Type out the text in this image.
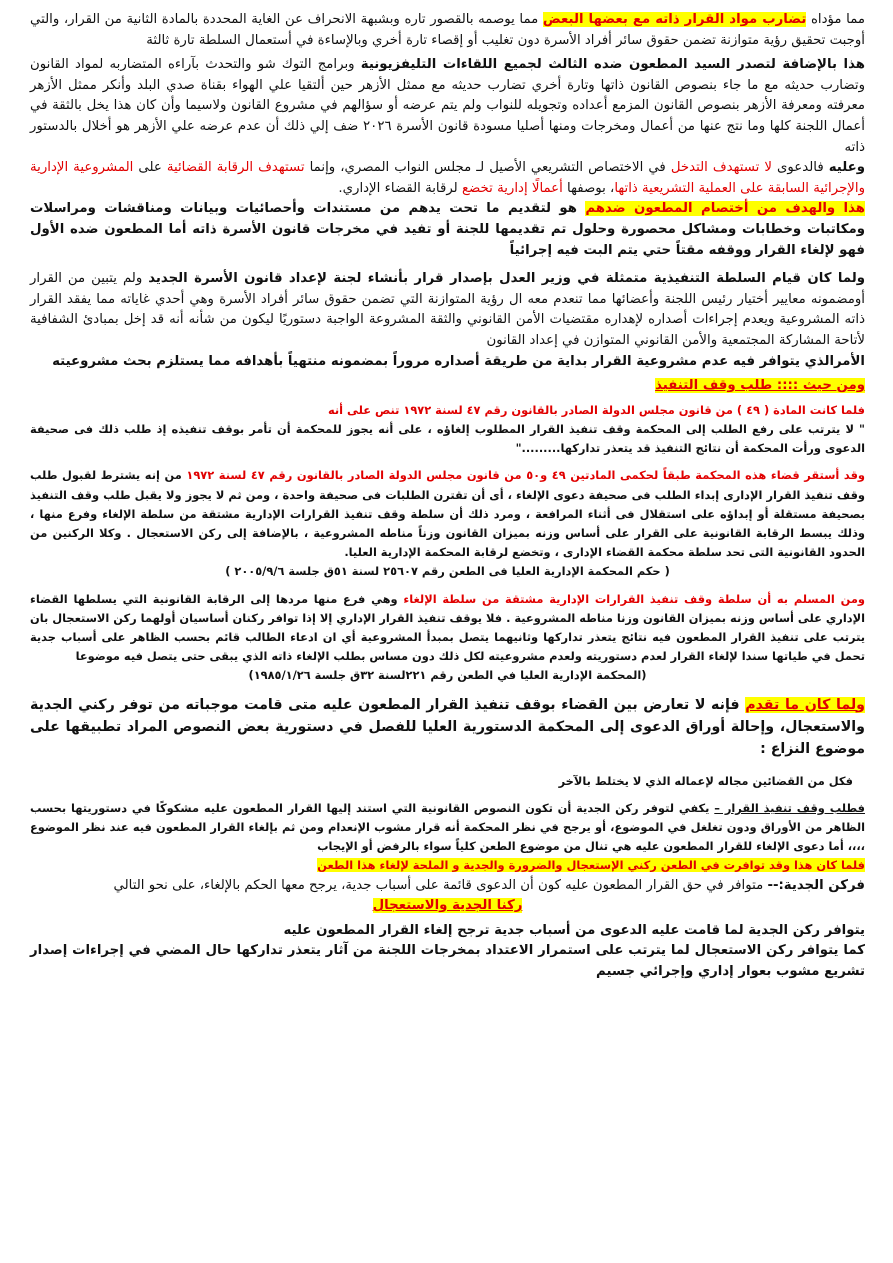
مما مؤداه تضارب مواد القرار ذاته مع بعضها البعض مما يوصمه بالقصور تاره وبشبهة الانحراف عن الغاية المحددة بالمادة الثانية من القرار، والتي أوجبت تحقيق رؤية متوازنة تضمن حقوق سائر أفراد الأسرة دون تغليب أو إقصاء تارة أخري وبالإساءة في أستعمال السلطة تارة ثالثة

هذا بالإضافة لتصدر السيد المطعون ضده الثالث لجميع اللقاءات التليفزيونية وبرامج التوك شو والتحدث بآراءه المتضاربه لمواد القانون وتضارب حديثه مع ما جاء بنصوص القانون ذاتها وتارة أخري تضارب حديثه مع ممثل الأزهر حين ألتقيا علي الهواء بقناة صدي البلد وأنكر ممثل الأزهر معرفته ومعرفة الأزهر بنصوص القانون المزمع أعداده وتجويله للنواب ولم يتم عرضه أو سؤالهم في مشروع القانون ولاسيما وأن كان هذا يخل بالثقة في أعمال اللجنة كلها وما نتج عنها من أعمال ومخرجات ومنها أصليا مسودة قانون الأسرة ٢٠٢٦ ضف إلي ذلك أن عدم عرضه علي الأزهر هو أخلال بالدستور ذاته

وعليه فالدعوى لا تستهدف التدخل في الاختصاص التشريعي الأصيل لـ مجلس النواب المصري، وإنما تستهدف الرقابة القضائية على المشروعية الإدارية والإجرائية السابقة على العملية التشريعية ذاتها، بوصفها أعمالًا إدارية تخضع لرقابة القضاء الإداري.

هذا والهدف من أختصام المطعون ضدهم هو لتقديم ما تحت يدهم من مستندات وأحصائيات وبيانات ومناقشات ومراسلات ومكاتبات وخطابات ومشاكل محصورة وحلول تم تقديمها للجنة أو تفيد في مخرجات قانون الأسرة ذاته أما المطعون ضده الأول فهو لإلغاء القرار ووقفه مقتاً حتي يتم البت فيه إجرائياً

ولما كان قيام السلطة التنفيذية متمثلة في وزير العدل بإصدار قرار بأنشاء لجنة لإعداد قانون الأسرة الجديد ولم يتبين من القرار أومضمونه معايير أختيار رئيس اللجنة وأعضائها مما تنعدم معه ال رؤية المتوازنة التي تضمن حقوق سائر أفراد الأسرة وهي أحدي غاياته مما يفقد القرار ذاته المشروعية ويعدم إجراءات أصداره لإهداره مقتضيات الأمن القانوني والثقة المشروعة الواجبة دستوريًا ليكون من شأنه أنه قد إخل بمبادئ الشفافية لأتاحة المشاركة المجتمعية والأمن القانوني المتوازن في إعداد القانون

الأمرالذي يتوافر فيه عدم مشروعية القرار بداية من طريقة أصداره مروراً بمضمونه منتهياً بأهدافه مما يستلزم بحث مشروعيته

ومن حيث :::: طلب وقف التنفيذ

فلما كانت المادة ( ٤٩ ) من قانون مجلس الدولة الصادر بالقانون رقم ٤٧ لسنة ١٩٧٢ تنص على أنه

" لا يترتب على رفع الطلب إلى المحكمة وقف تنفيذ القرار المطلوب إلغاؤه ، على أنه يجوز للمحكمة أن تأمر بوقف تنفيذه إذ طلب ذلك فى صحيفة الدعوى ورأت المحكمة أن نتائج التنفيذ قد يتعذر تداركها........."

وقد أستقر قضاء هذه المحكمة طبقاً لحكمى المادتين ٤٩ و٥٠ من قانون مجلس الدولة الصادر بالقانون رقم ٤٧ لسنة ١٩٧٢ من إنه يشترط لقبول طلب وقف تنفيذ القرار الإدارى إبداء الطلب فى صحيفة دعوى الإلغاء ، أى أن تقترن الطلبات فى صحيفة واحدة ، ومن ثم لا يجوز ولا يقبل طلب وقف التنفيذ بصحيفة مستقلة أو إبداؤه على استقلال فى أثناء المرافعة ، ومرد ذلك أن سلطة وقف تنفيذ القرارات الإدارية مشتقة من سلطة الإلغاء وفرع منها ، وذلك يبسط الرقابة القانونية على القرار على أساس وزنه بميزان القانون وزناً مناطه المشروعية ، بالإضافة إلى ركن الاستعجال . وكلا الركنين من الحدود القانونية التى تحد سلطة محكمة القضاء الإدارى ، وتخضع لرقابة المحكمة الإدارية العليا.

( حكم المحكمة الإدارية العليا فى الطعن رقم ٢٥٦٠٧ لسنة ٥١ق جلسة ٢٠٠٥/٩/٦ )

ومن المسلم به أن سلطة وقف تنفيذ القرارات الإدارية مشتقة من سلطة الإلغاء وهي فرع منها مردها إلى الرقابة القانونية التي يسلطها القضاء الإداري على أساس وزنه بميزان القانون وزنا مناطه المشروعية . فلا يوقف تنفيذ القرار الإداري إلا إذا توافر ركنان أساسيان أولهما ركن الاستعجال بان يترتب على تنفيذ القرار المطعون فيه نتائج يتعذر تداركها وثانيهما يتصل بمبدأ المشروعية أي ان ادعاء الطالب قائم بحسب الظاهر على أسباب جدية تحمل في طياتها سندا لإلغاء القرار لعدم دستوريته ولعدم مشروعيته لكل ذلك دون مساس بطلب الإلغاء ذاته الذي يبقى حتى يتصل فيه موضوعا

(المحكمة الإدارية العليا في الطعن رقم ٢٢١لسنة ٣٢ق جلسة ١٩٨٥/١/٢٦)

ولما كان ما تقدم فإنه لا تعارض بين القضاء بوقف تنفيذ القرار المطعون عليه متى قامت موجباته من توفر ركني الجدية والاستعجال، وإحالة أوراق الدعوى إلى المحكمة الدستورية العليا للفصل في دستورية بعض النصوص المراد تطبيقها على موضوع النزاع :

فكل من القضائين مجاله لإعماله الذي لا يختلط بالآخر

فطلب وقف تنفيذ القرار – يكفي لتوفر ركن الجدية أن تكون النصوص القانونية التي استند إليها القرار المطعون عليه مشكوكًا في دستوريتها بحسب الظاهر من الأوراق ودون تغلغل في الموضوع، أو يرجح في نظر المحكمة أنه قرار مشوب الإنعدام ومن ثم بإلغاء القرار المطعون فيه عند نظر الموضوع ،،،، أما دعوى الإلغاء للقرار المطعون عليه هي تنال من موضوع الطعن كلياً سواء بالرفض أو الإيجاب

فلما كان هذا وقد توافرت في الطعن ركني الإستعجال والضرورة والجدية و الملحة لإلغاء هذا الطعن

فركن الجدية:-- متوافر في حق القرار المطعون عليه كون أن الدعوى قائمة على أسباب جدية، يرجح معها الحكم بالإلغاء، على نحو التالي

ركنا الجدية والاستعجال

يتوافر ركن الجدية لما قامت عليه الدعوى من أسباب جدية ترجح إلغاء القرار المطعون عليه

كما يتوافر ركن الاستعجال لما يترتب على استمرار الاعتداد بمخرجات اللجنة من آثار يتعذر تداركها حال المضي في إجراءات إصدار تشريع مشوب بعوار إداري وإجرائي جسيم
